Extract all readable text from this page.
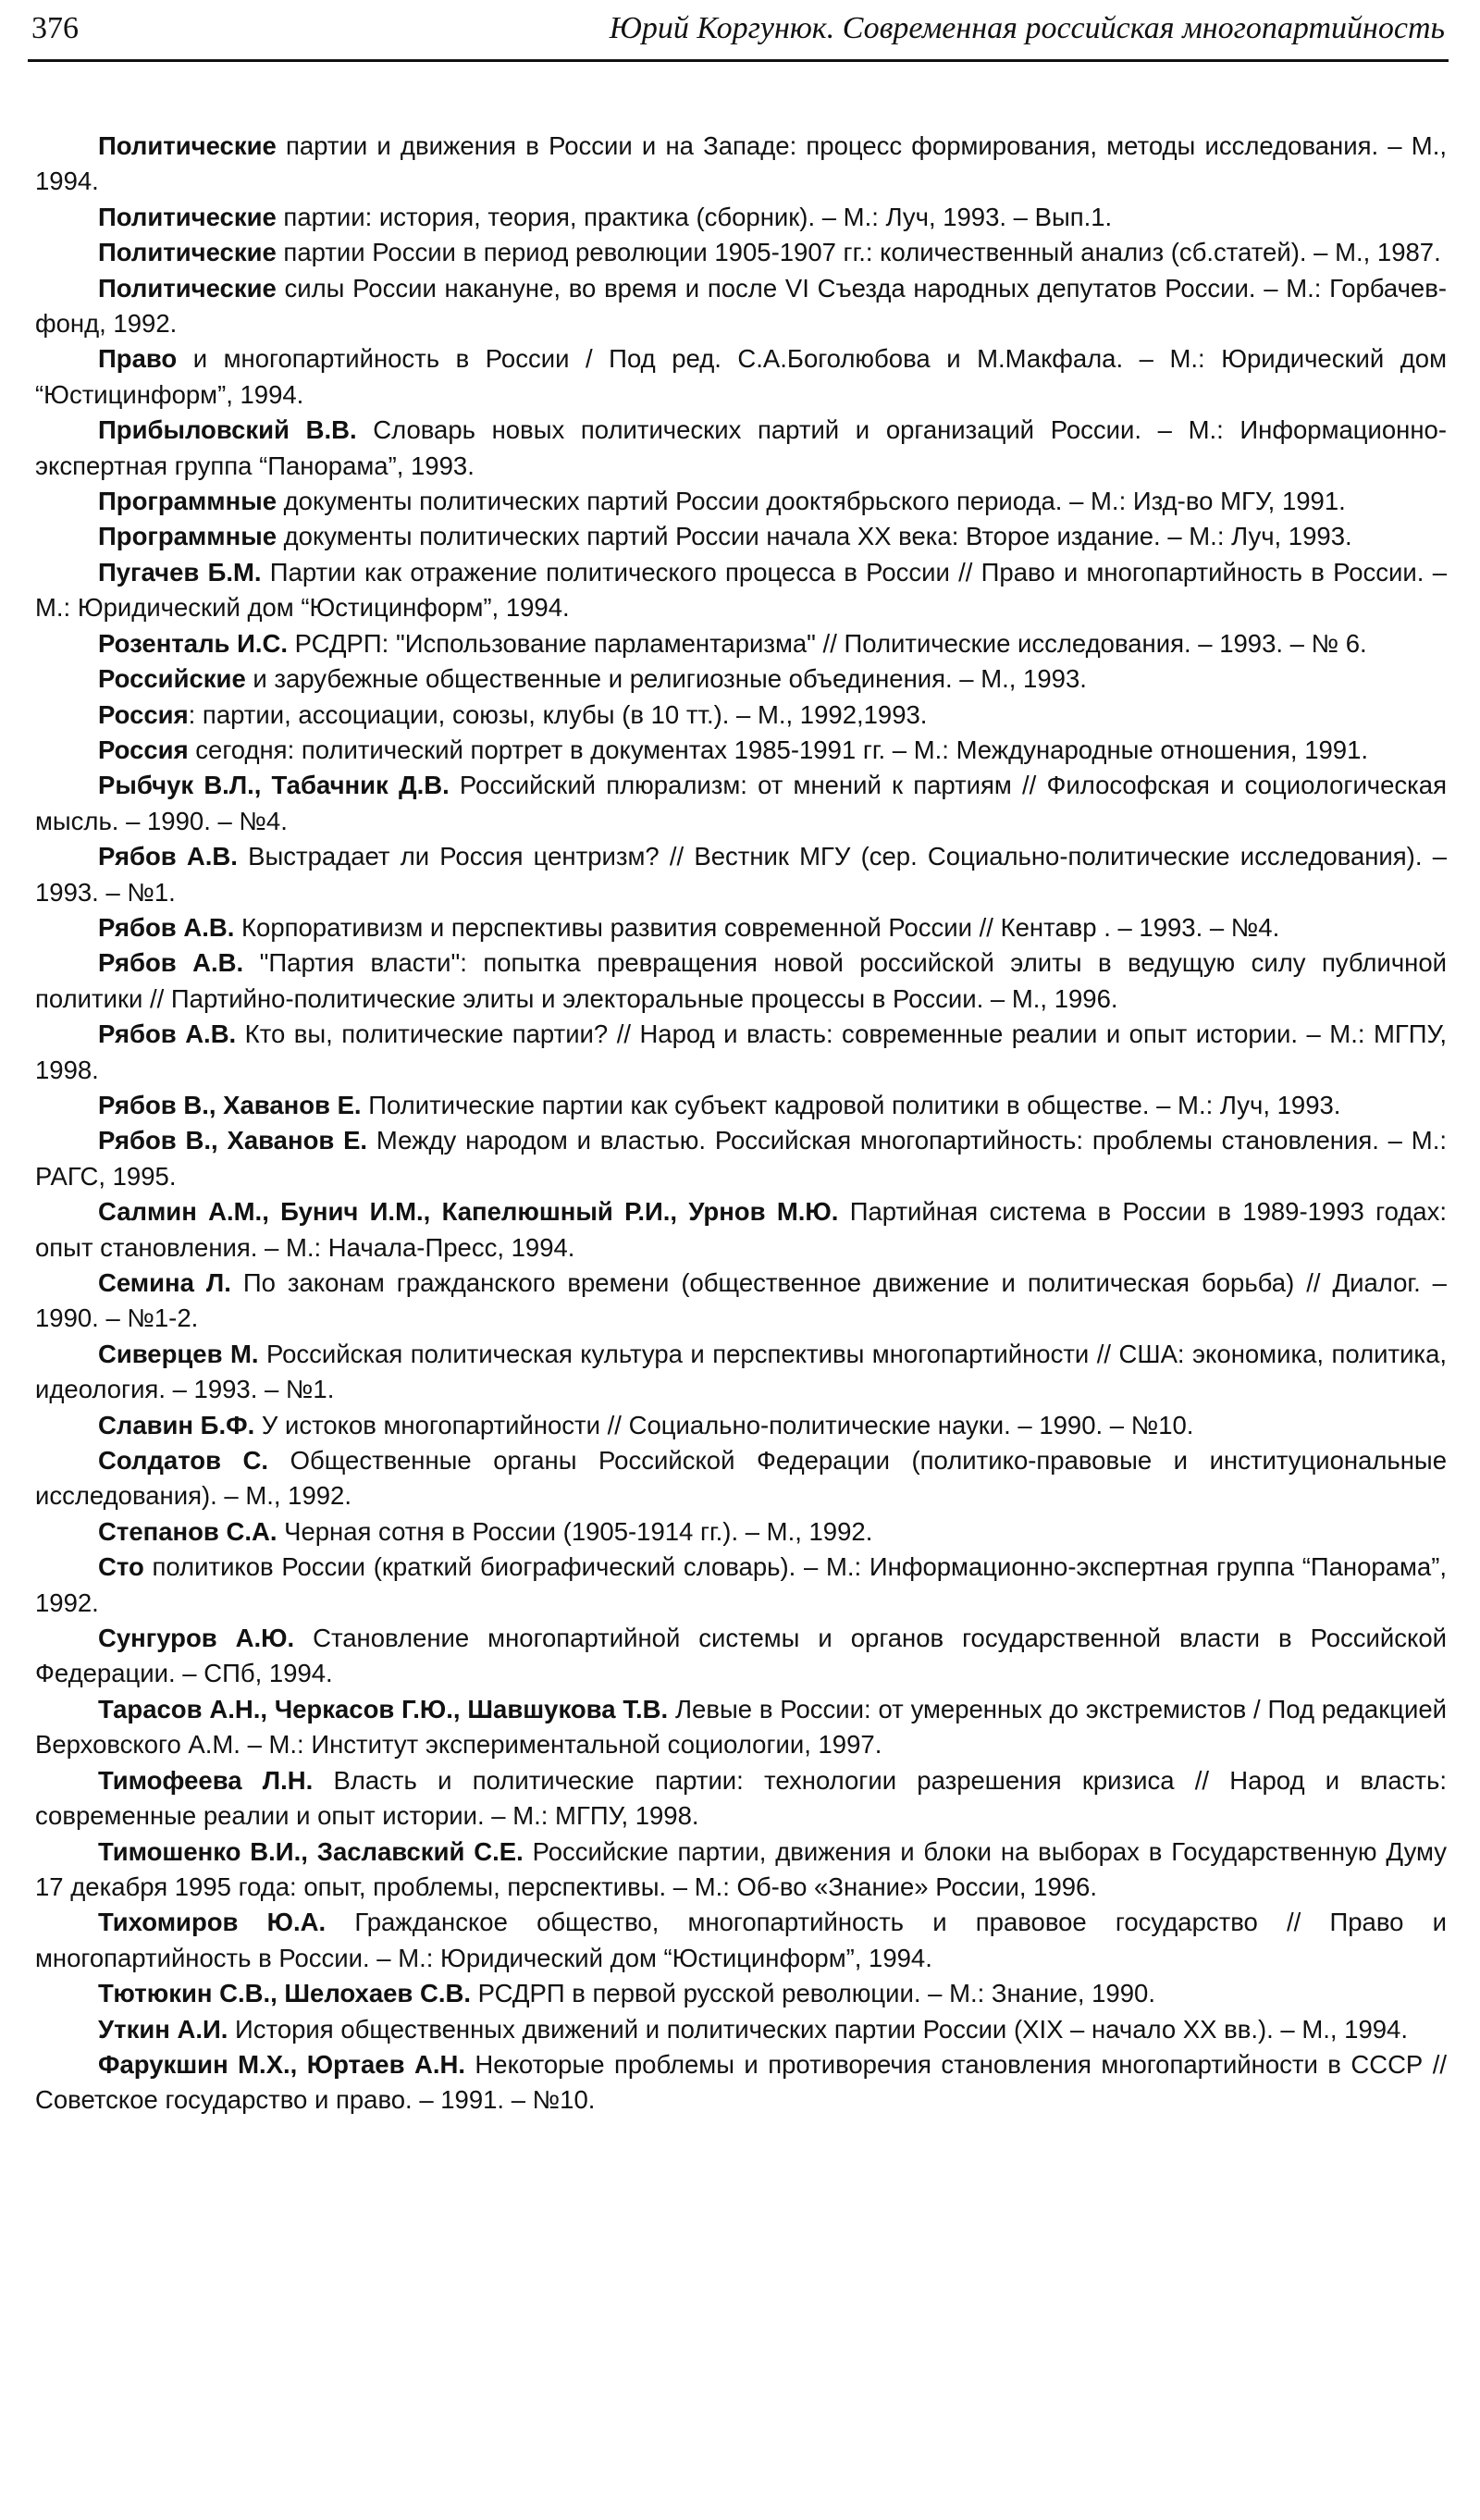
376	Юрий Коргунюк. Современная российская многопартийность

Политические партии и движения в России и на Западе: процесс формирования, методы исследования. – М., 1994.

Политические партии: история, теория, практика (сборник). – М.: Луч, 1993. – Вып.1.

Политические партии России в период революции 1905-1907 гг.: количественный анализ (сб.статей). – М., 1987.

Политические силы России накануне, во время и после VI Съезда народных депутатов России. – М.: Горбачев-фонд, 1992.

Право и многопартийность в России / Под ред. С.А.Боголюбова и М.Макфала. – М.: Юридический дом “Юстицинформ”, 1994.

Прибыловский В.В. Словарь новых политических партий и организаций России. – М.: Информационно-экспертная группа “Панорама”, 1993.

Программные документы политических партий России дооктябрьского периода. – М.: Изд-во МГУ, 1991.

Программные документы политических партий России начала XX века: Второе издание. – М.: Луч, 1993.

Пугачев Б.М. Партии как отражение политического процесса в России // Право и многопартийность в России. – М.: Юридический дом “Юстицинформ”, 1994.

Розенталь И.С. РСДРП: "Использование парламентаризма" // Политические исследования. – 1993. – № 6.

Российские и зарубежные общественные и религиозные объединения. – М., 1993.

Россия: партии, ассоциации, союзы, клубы (в 10 тт.). – М., 1992,1993.

Россия сегодня: политический портрет в документах 1985-1991 гг. – М.: Международные отношения, 1991.

Рыбчук В.Л., Табачник Д.В. Российский плюрализм: от мнений к партиям // Философская и социологическая мысль. – 1990. – №4.

Рябов А.В. Выстрадает ли Россия центризм? // Вестник МГУ (сер. Социально-политические исследования). – 1993. – №1.

Рябов А.В. Корпоративизм и перспективы развития современной России // Кентавр . – 1993. – №4.

Рябов А.В. "Партия власти": попытка превращения новой российской элиты в ведущую силу публичной политики // Партийно-политические элиты и электоральные процессы в России. – М., 1996.

Рябов А.В. Кто вы, политические партии? // Народ и власть: современные реалии и опыт истории. – М.: МГПУ, 1998.

Рябов В., Хаванов Е. Политические партии как субъект кадровой политики в обществе. – М.: Луч, 1993.

Рябов В., Хаванов Е. Между народом и властью. Российская многопартийность: проблемы становления. – М.: РАГС, 1995.

Салмин А.М., Бунич И.М., Капелюшный Р.И., Урнов М.Ю. Партийная система в России в 1989-1993 годах: опыт становления. – М.: Начала-Пресс, 1994.

Семина Л. По законам гражданского времени (общественное движение и политическая борьба) // Диалог. – 1990. – №1-2.

Сиверцев М. Российская политическая культура и перспективы многопартийности // США: экономика, политика, идеология. – 1993. – №1.

Славин Б.Ф. У истоков многопартийности // Социально-политические науки. – 1990. – №10.

Солдатов С. Общественные органы Российской Федерации (политико-правовые и институциональные исследования). – М., 1992.

Степанов С.А. Черная сотня в России (1905-1914 гг.). – М., 1992.

Сто политиков России (краткий биографический словарь). – М.: Информационно-экспертная группа “Панорама”, 1992.

Сунгуров А.Ю. Становление многопартийной системы и органов государственной власти в Российской Федерации. – СПб, 1994.

Тарасов А.Н., Черкасов Г.Ю., Шавшукова Т.В. Левые в России: от умеренных до экстремистов / Под редакцией Верховского А.М. – М.: Институт экспериментальной социологии, 1997.

Тимофеева Л.Н. Власть и политические партии: технологии разрешения кризиса // Народ и власть: современные реалии и опыт истории. – М.: МГПУ, 1998.

Тимошенко В.И., Заславский С.Е. Российские партии, движения и блоки на выборах в Государственную Думу 17 декабря 1995 года: опыт, проблемы, перспективы. – М.: Об-во «Знание» России, 1996.

Тихомиров Ю.А. Гражданское общество, многопартийность и правовое государство // Право и многопартийность в России. – М.: Юридический дом “Юстицинформ”, 1994.

Тютюкин С.В., Шелохаев С.В. РСДРП в первой русской революции. – М.: Знание, 1990.

Уткин А.И. История общественных движений и политических партии России (XIX – начало XX вв.). – М., 1994.

Фарукшин М.Х., Юртаев А.Н. Некоторые проблемы и противоречия становления многопартийности в СССР // Советское государство и право. – 1991. – №10.
